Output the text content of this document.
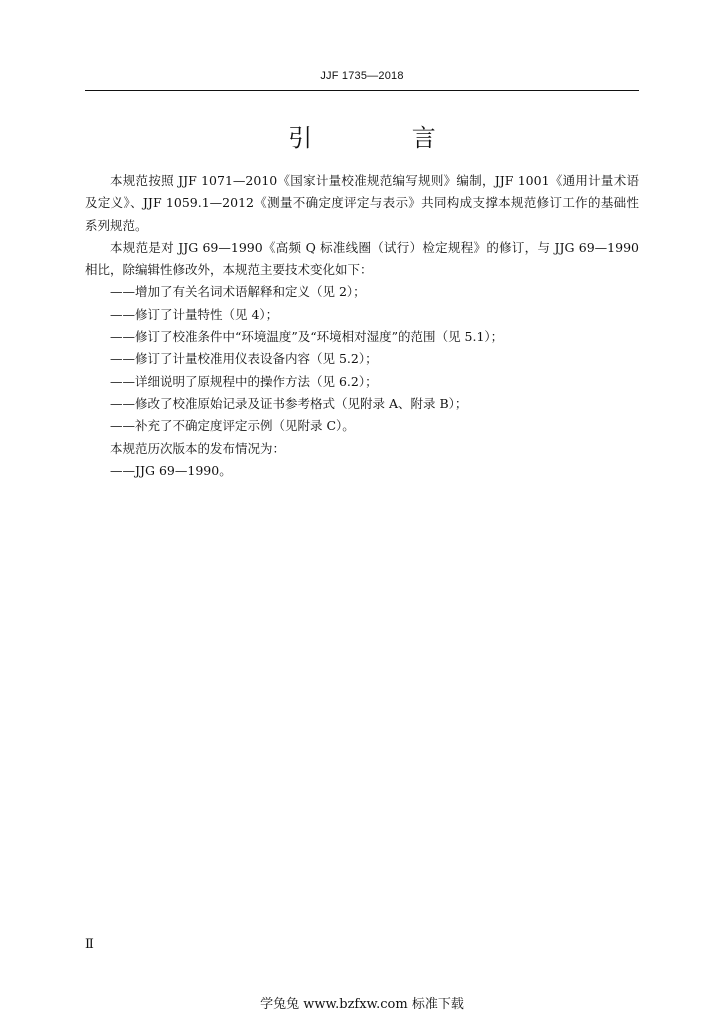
JJF 1735—2018
引 言

本规范按照 JJF 1071—2010《国家计量校准规范编写规则》编制，JJF 1001《通用计量术语及定义》、JJF 1059.1—2012《测量不确定度评定与表示》共同构成支撑本规范修订工作的基础性系列规范。

本规范是对 JJG 69—1990《高频 Q 标准线圈（试行）检定规程》的修订，与 JJG 69—1990 相比，除编辑性修改外，本规范主要技术变化如下：

——增加了有关名词术语解释和定义（见 2）；
——修订了计量特性（见 4）；
——修订了校准条件中“环境温度”及“环境相对湿度”的范围（见 5.1）；
——修订了计量校准用仪表设备内容（见 5.2）；
——详细说明了原规程中的操作方法（见 6.2）；
——修改了校准原始记录及证书参考格式（见附录 A、附录 B）；
——补充了不确定度评定示例（见附录 C）。

本规范历次版本的发布情况为：

——JJG 69—1990。
Ⅱ
学兔兔 www.bzfxw.com 标准下载
